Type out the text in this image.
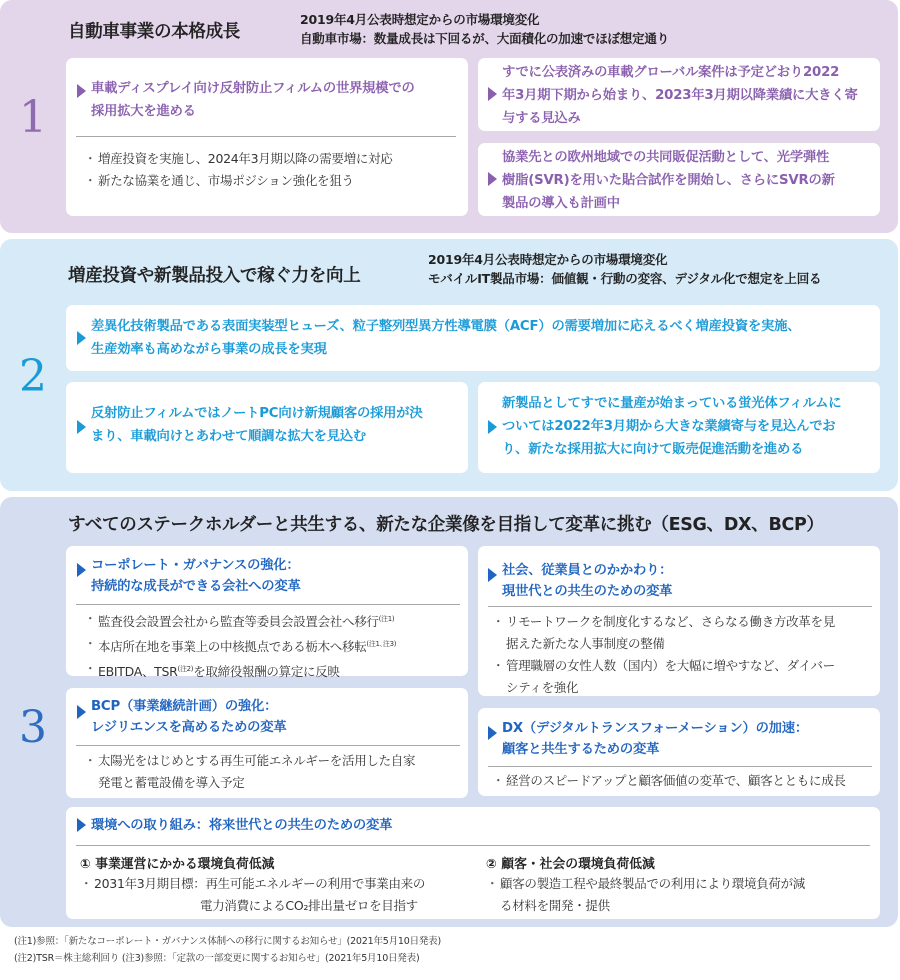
1
自動車事業の本格成長
2019年4月公表時想定からの市場環境変化
自動車市場：数量成長は下回るが、大面積化の加速でほぼ想定通り
車載ディスプレイ向け反射防止フィルムの世界規模での
採用拡大を進める
・ 増産投資を実施し、2024年3月期以降の需要増に対応
・ 新たな協業を通じ、市場ポジション強化を狙う
すでに公表済みの車載グローバル案件は予定どおり2022
年3月期下期から始まり、2023年3月期以降業績に大きく寄
与する見込み
協業先との欧州地域での共同販促活動として、光学弾性
樹脂(SVR)を用いた貼合試作を開始し、さらにSVRの新
製品の導入も計画中
2
増産投資や新製品投入で稼ぐ力を向上
2019年4月公表時想定からの市場環境変化
モバイルIT製品市場：価値観・行動の変容、デジタル化で想定を上回る
差異化技術製品である表面実装型ヒューズ、粒子整列型異方性導電膜（ACF）の需要増加に応えるべく増産投資を実施、
生産効率も高めながら事業の成長を実現
反射防止フィルムではノートPC向け新規顧客の採用が決
まり、車載向けとあわせて順調な拡大を見込む
新製品としてすでに量産が始まっている蛍光体フィルムに
ついては2022年3月期から大きな業績寄与を見込んでお
り、新たな採用拡大に向けて販売促進活動を進める
3
すべてのステークホルダーと共生する、新たな企業像を目指して変革に挑む（ESG、DX、BCP）
コーポレート・ガバナンスの強化：
持続的な成長ができる会社への変革
・ 監査役会設置会社から監査等委員会設置会社へ移行$^{(注1)}$
・ 本店所在地を事業上の中核拠点である栃木へ移転$^{(注1､注3)}$
・ EBITDA、$TSR^{(注2)}$を取締役報酬の算定に反映
社会、従業員とのかかわり：
現世代との共生のための変革
・ リモートワークを制度化するなど、さらなる働き方改革を見
据えた新たな人事制度の整備
・ 管理職層の女性人数（国内）を大幅に増やすなど、ダイバー
シティを強化
BCP（事業継続計画）の強化：
レジリエンスを高めるための変革
・ 太陽光をはじめとする再生可能エネルギーを活用した自家
発電と蓄電設備を導入予定
DX（デジタルトランスフォーメーション）の加速：
顧客と共生するための変革
・ 経営のスピードアップと顧客価値の変革で、顧客とともに成長
環境への取り組み：将来世代との共生のための変革
① 事業運営にかかる環境負荷低減
・ 2031年3月期目標：再生可能エネルギーの利用で事業由来の
電力消費によるCO₂排出量ゼロを目指す
② 顧客・社会の環境負荷低減
・ 顧客の製造工程や最終製品での利用により環境負荷が減
る材料を開発・提供
(注1)参照：「新たなコーポレート・ガバナンス体制への移行に関するお知らせ」(2021年5月10日発表)
(注2)TSR＝株主総利回り (注3)参照：「定款の一部変更に関するお知らせ」(2021年5月10日発表)
